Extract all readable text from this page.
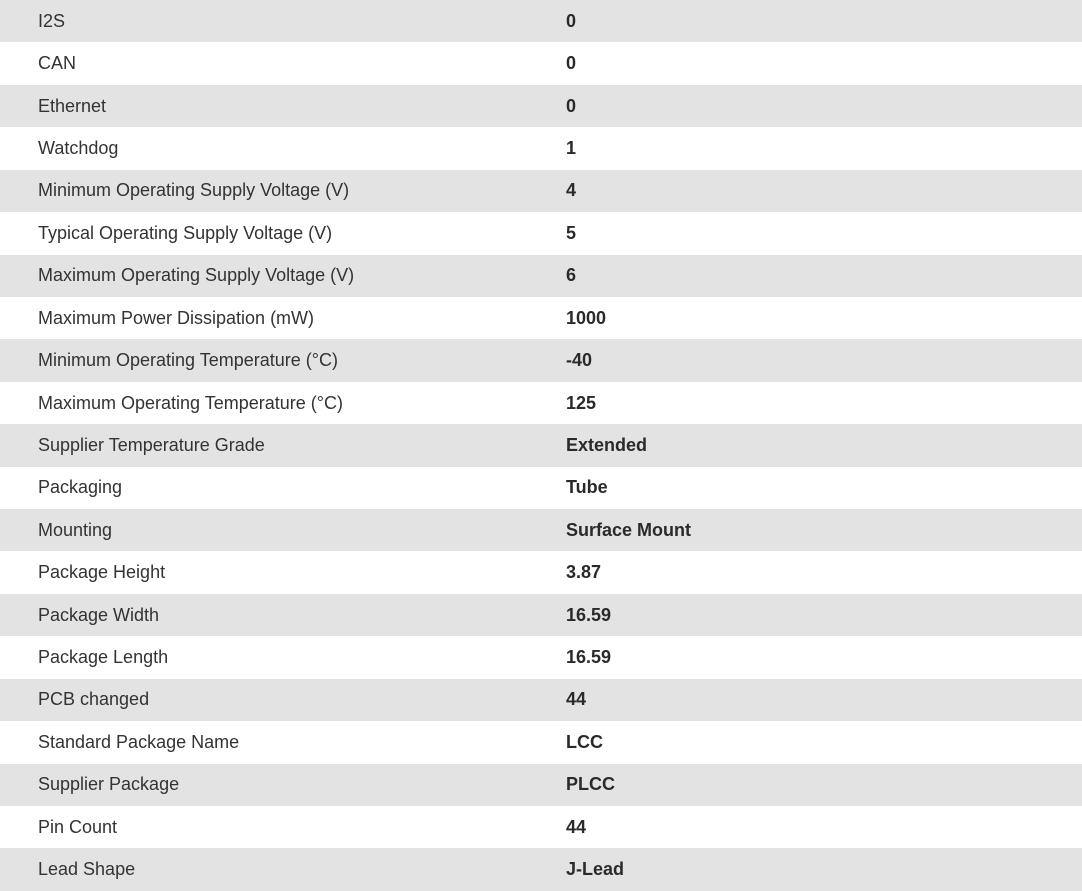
I2S	0
CAN	0
Ethernet	0
Watchdog	1
Minimum Operating Supply Voltage (V)	4
Typical Operating Supply Voltage (V)	5
Maximum Operating Supply Voltage (V)	6
Maximum Power Dissipation (mW)	1000
Minimum Operating Temperature (°C)	-40
Maximum Operating Temperature (°C)	125
Supplier Temperature Grade	Extended
Packaging	Tube
Mounting	Surface Mount
Package Height	3.87
Package Width	16.59
Package Length	16.59
PCB changed	44
Standard Package Name	LCC
Supplier Package	PLCC
Pin Count	44
Lead Shape	J-Lead
